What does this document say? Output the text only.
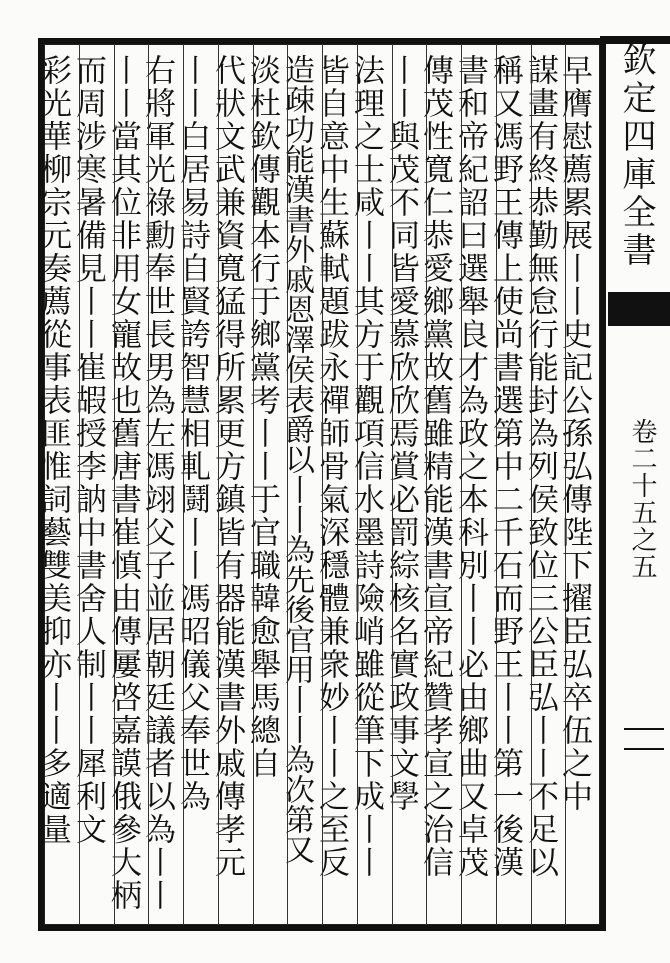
早膺慰薦累展丨丨史記公孫弘傳陛下擢臣弘卒伍之中
謀畫有終恭勤無怠行能封為列侯致位三公臣弘丨丨不足以
稱又馮野王傳上使尚書選第中二千石而野王丨丨第一後漢
書和帝紀詔曰選舉良才為政之本科別丨丨必由鄉曲又卓茂
傳茂性寬仁恭愛鄉黨故舊雖精能漢書宣帝紀贊孝宣之治信
丨丨與茂不同皆愛慕欣欣焉賞必罰綜核名實政事文學
法理之士咸丨丨其方于觀項信水墨詩險峭雖從筆下成丨丨
皆自意中生蘇軾題跋永禪師骨氣深穩體兼衆妙丨丨之至反
造疎功能漢書外戚恩澤侯表爵以丨丨為先後官用丨丨為次第又
淡杜欽傳觀本行于鄉黨考丨丨于官職韓愈舉馬總自
代狀文武兼資寬猛得所累更方鎮皆有器能漢書外戚傳孝元
丨丨白居易詩自賢誇智慧相軋鬪丨丨馮昭儀父奉世為
右將軍光祿勳奉世長男為左馮翊父子並居朝廷議者以為丨丨
丨丨當其位非用女寵故也舊唐書崔慎由傳屢啓嘉謨俄參大柄
而周涉寒暑備見丨丨崔嘏授李訥中書舍人制丨丨犀利文
彩光華柳宗元奏薦從事表匪惟詞藝雙美抑亦丨丨多適量	欽定四庫全書
卷二十五之五
